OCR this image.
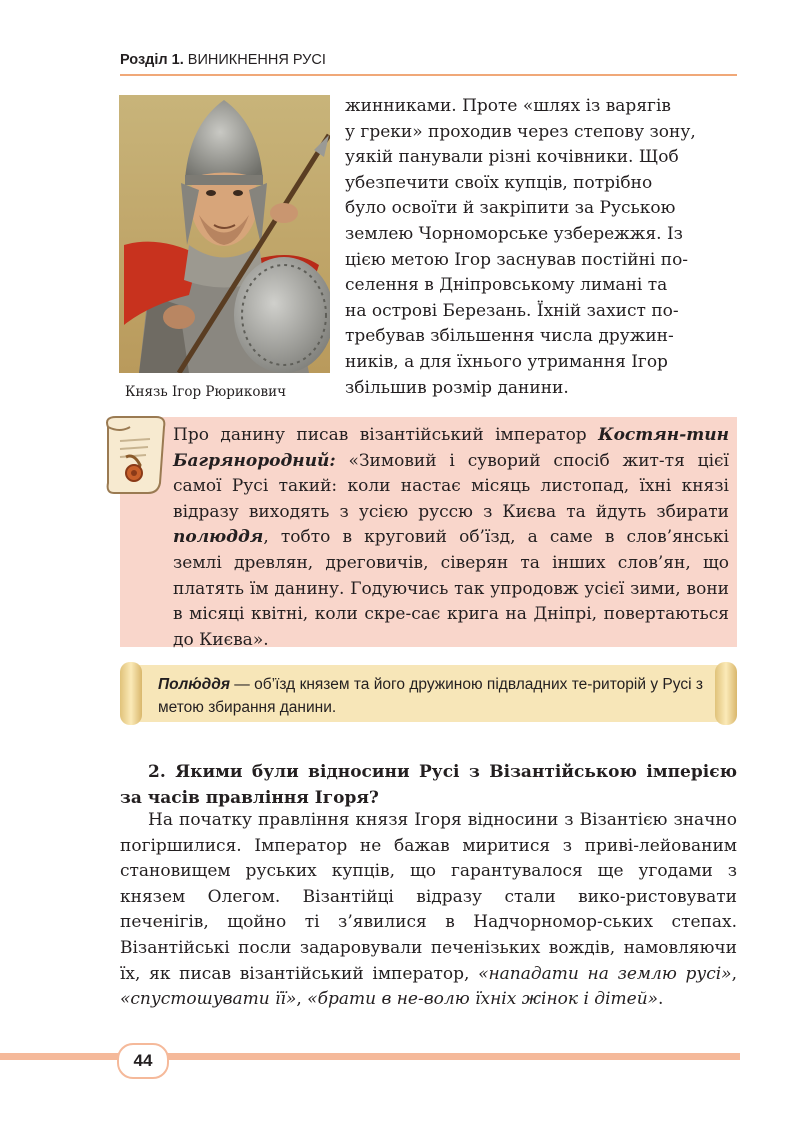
Розділ 1. ВИНИКНЕННЯ РУСІ
Князь Ігор Рюрикович

жинниками. Проте «шлях із варягів

у греки» проходив через степову зону,

уякій панували різні кочівники. Щоб

убезпечити своїх купців, потрібно

було освоїти й закріпити за Руською

землею Чорноморське узбережжя. Із

цією метою Ігор заснував постійні по-

селення в Дніпровському лимані та

на острові Березань. Їхній захист по-

требував збільшення числа дружин-

ників, а для їхнього утримання Ігор

збільшив розмір данини.

Про данину писав візантійський імператор Костян-тин Багрянородний: «Зимовий і суворий спосіб жит-тя цієї самої Русі такий: коли настає місяць листопад, їхні князі відразу виходять з усією руссю з Києва та йдуть збирати полюддя, тобто в круговий об’їзд, а саме в слов’янські землі древлян, дреговичів, сіверян та інших слов’ян, що платять їм данину. Годуючись так упродовж усієї зими, вони в місяці квітні, коли скре-сає крига на Дніпрі, повертаються до Києва».

Полю́ддя — об’їзд князем та його дружиною підвладних те-риторій у Русі з метою збирання данини.

2. Якими були відносини Русі з Візантійською імперією за часів правління Ігоря?

На початку правління князя Ігоря відносини з Візантією значно погіршилися. Імператор не бажав миритися з приві-лейованим становищем руських купців, що гарантувалося ще угодами з князем Олегом. Візантійці відразу стали вико-ристовувати печенігів, щойно ті з’явилися в Надчорномор-ських степах. Візантійські посли задаровували печенізьких вождів, намовляючи їх, як писав візантійський імператор, «нападати на землю русі», «спустошувати її», «брати в не-волю їхніх жінок і дітей».

44
